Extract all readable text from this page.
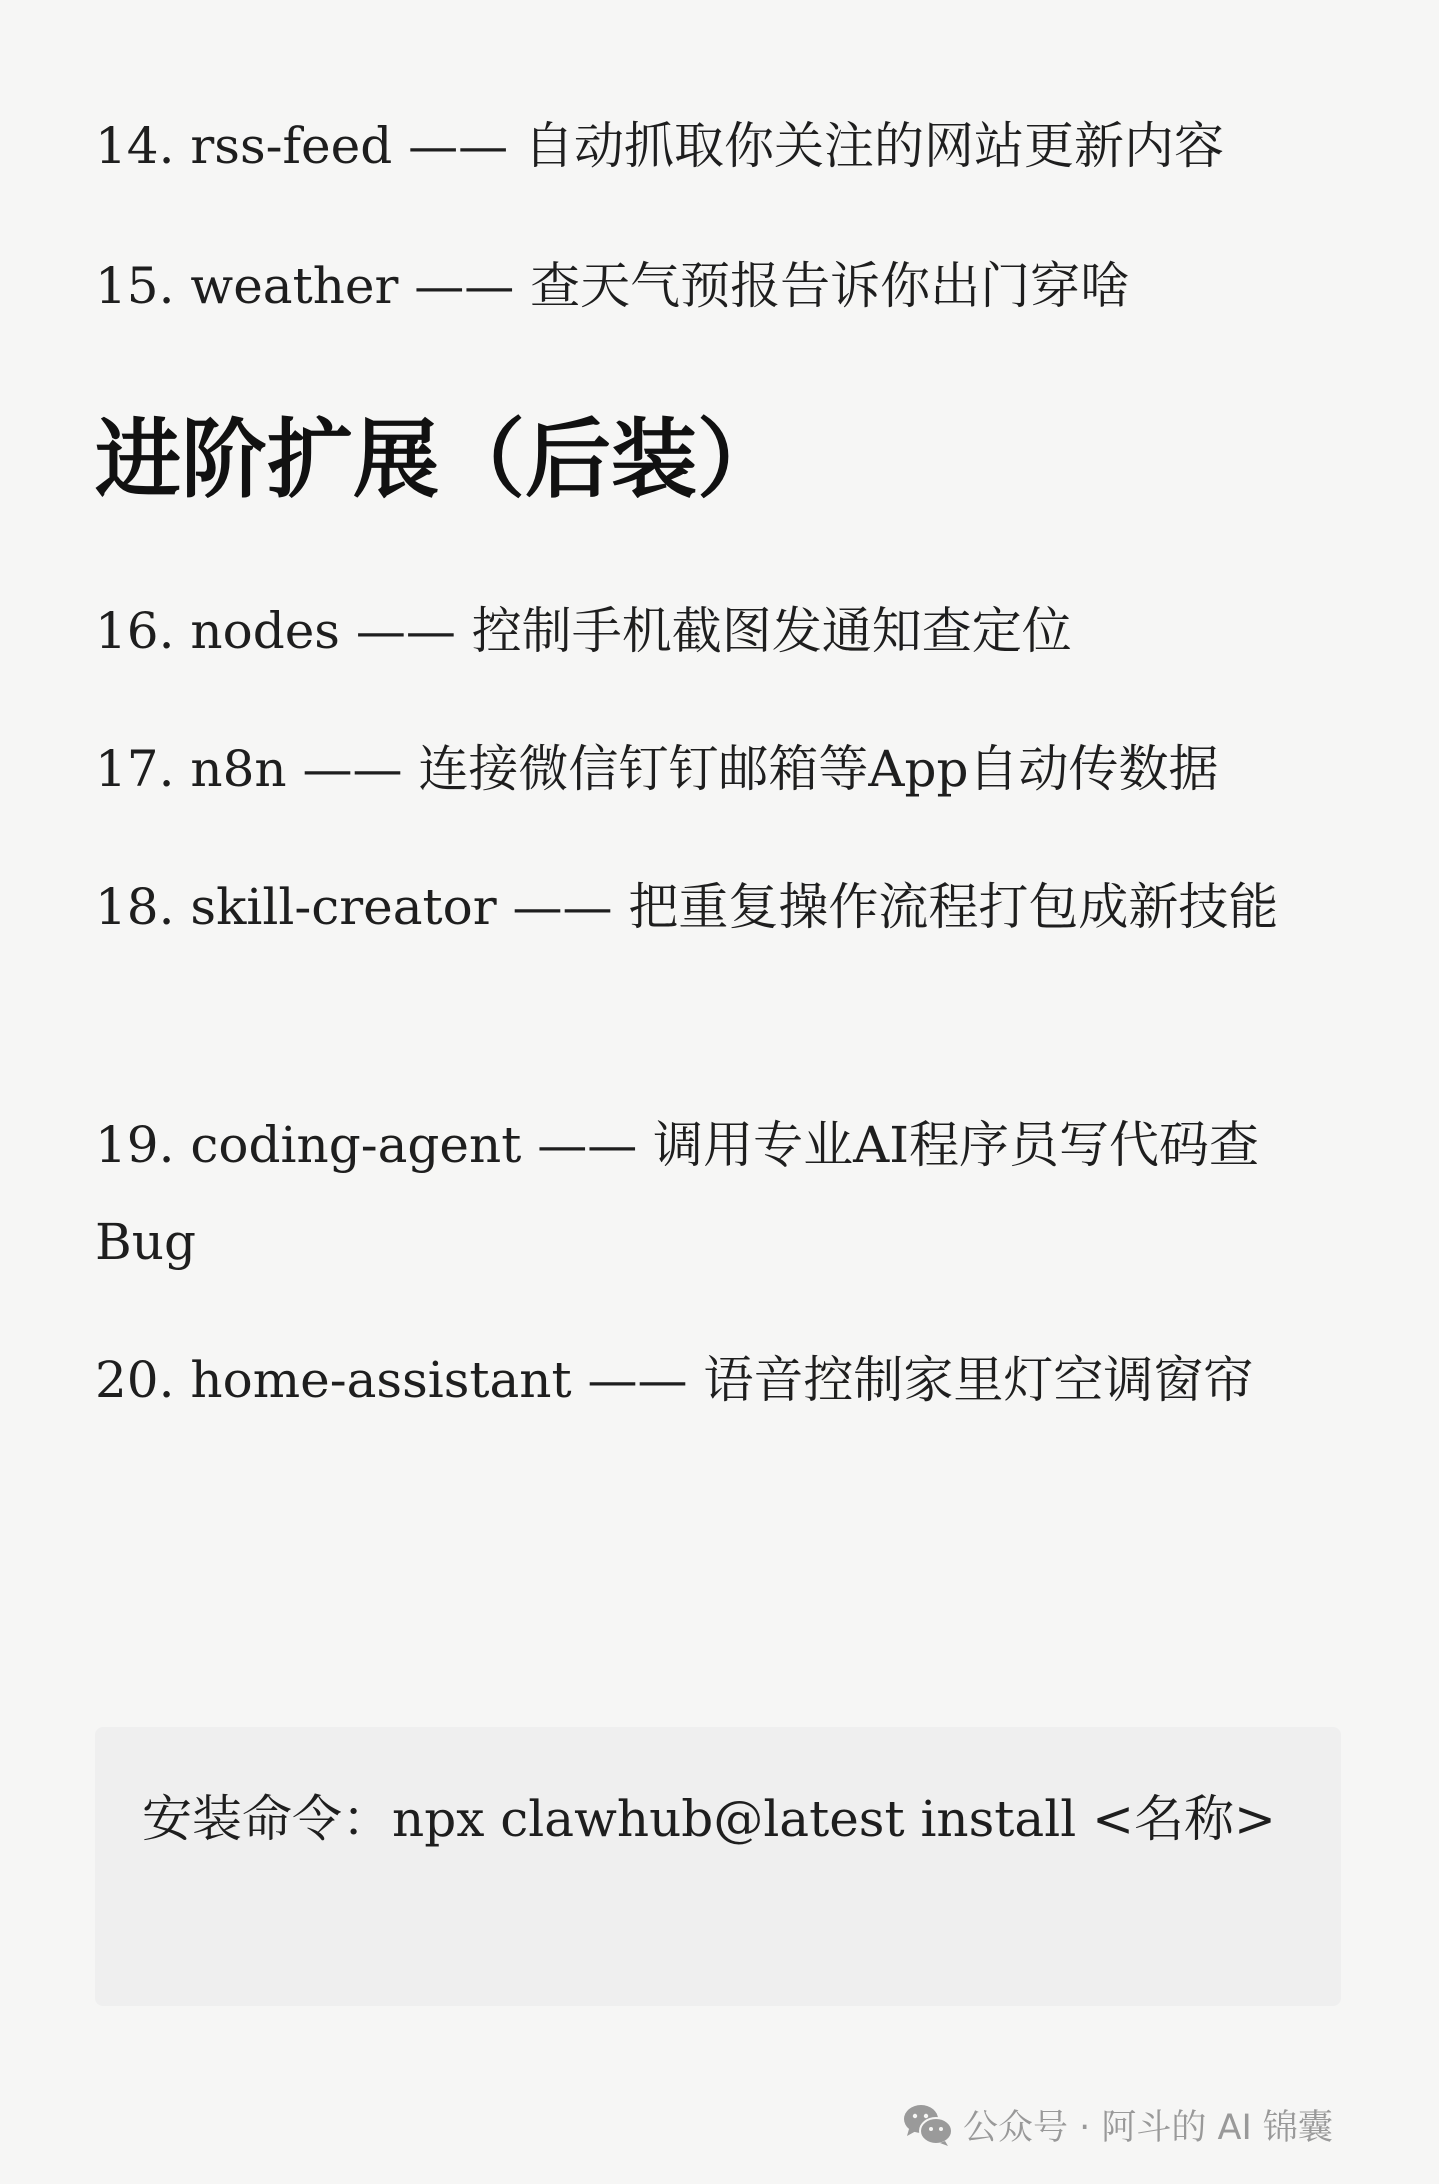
14. rss-feed —— 自动抓取你关注的网站更新内容

15. weather —— 查天气预报告诉你出门穿啥

进阶扩展（后装）

16. nodes —— 控制手机截图发通知查定位

17. n8n —— 连接微信钉钉邮箱等App自动传数据

18. skill-creator —— 把重复操作流程打包成新技能

19. coding-agent —— 调用专业AI程序员写代码查Bug

20. home-assistant —— 语音控制家里灯空调窗帘

安装命令：npx clawhub@latest install <名称>

公众号 · 阿斗的 AI 锦囊
